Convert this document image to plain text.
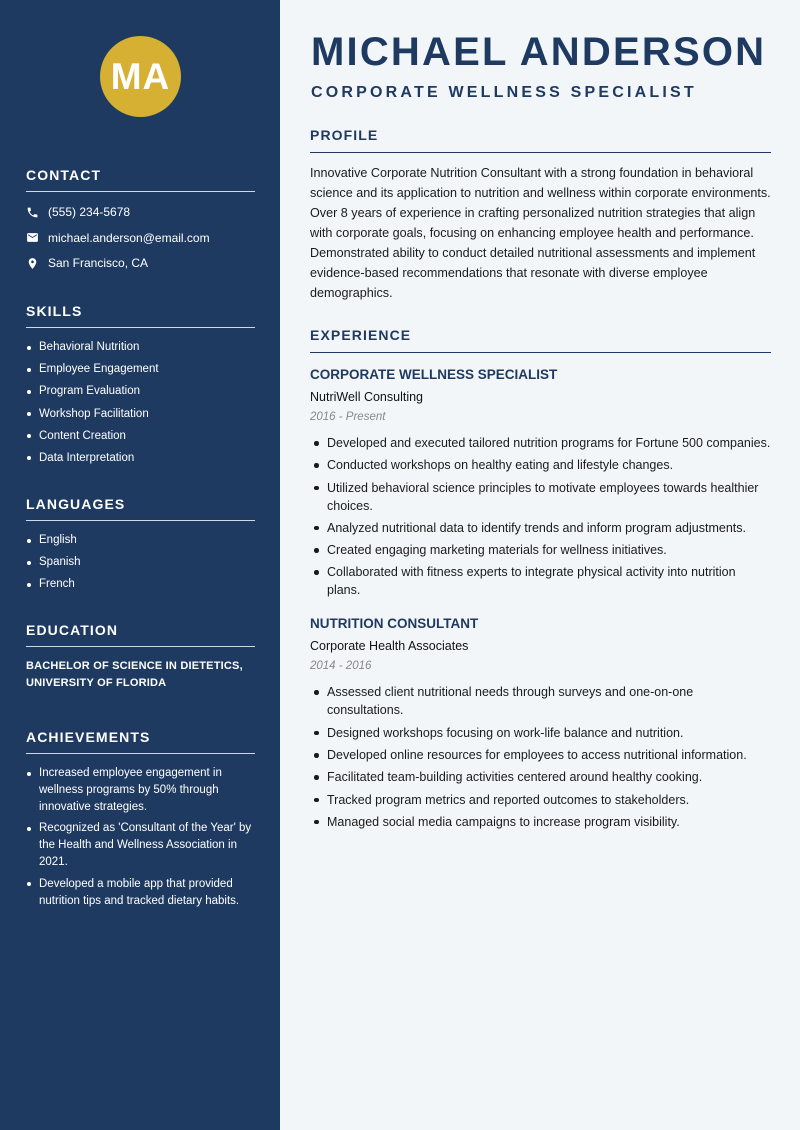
MA
CONTACT
(555) 234-5678
michael.anderson@email.com
San Francisco, CA
SKILLS
Behavioral Nutrition
Employee Engagement
Program Evaluation
Workshop Facilitation
Content Creation
Data Interpretation
LANGUAGES
English
Spanish
French
EDUCATION
BACHELOR OF SCIENCE IN DIETETICS, UNIVERSITY OF FLORIDA
ACHIEVEMENTS
Increased employee engagement in wellness programs by 50% through innovative strategies.
Recognized as 'Consultant of the Year' by the Health and Wellness Association in 2021.
Developed a mobile app that provided nutrition tips and tracked dietary habits.
MICHAEL ANDERSON
CORPORATE WELLNESS SPECIALIST
PROFILE

Innovative Corporate Nutrition Consultant with a strong foundation in behavioral science and its application to nutrition and wellness within corporate environments. Over 8 years of experience in crafting personalized nutrition strategies that align with corporate goals, focusing on enhancing employee health and performance. Demonstrated ability to conduct detailed nutritional assessments and implement evidence-based recommendations that resonate with diverse employee demographics.

EXPERIENCE
CORPORATE WELLNESS SPECIALIST
NutriWell Consulting
2016 - Present
Developed and executed tailored nutrition programs for Fortune 500 companies.
Conducted workshops on healthy eating and lifestyle changes.
Utilized behavioral science principles to motivate employees towards healthier choices.
Analyzed nutritional data to identify trends and inform program adjustments.
Created engaging marketing materials for wellness initiatives.
Collaborated with fitness experts to integrate physical activity into nutrition plans.
NUTRITION CONSULTANT
Corporate Health Associates
2014 - 2016
Assessed client nutritional needs through surveys and one-on-one consultations.
Designed workshops focusing on work-life balance and nutrition.
Developed online resources for employees to access nutritional information.
Facilitated team-building activities centered around healthy cooking.
Tracked program metrics and reported outcomes to stakeholders.
Managed social media campaigns to increase program visibility.
